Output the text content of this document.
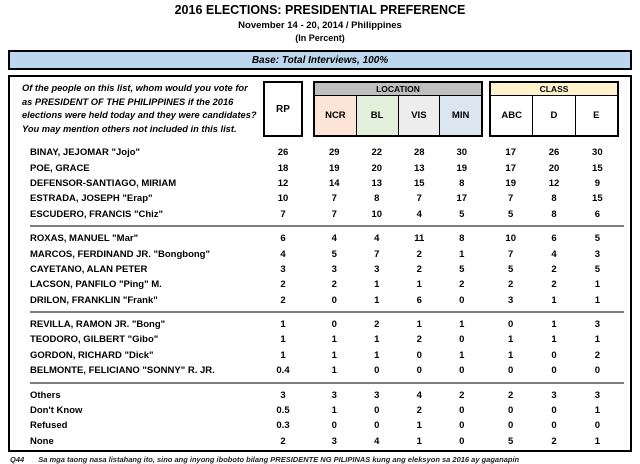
2016 ELECTIONS: PRESIDENTIAL PREFERENCE
November 14 - 20, 2014 / Philippines
(In Percent)
Base: Total Interviews, 100%
Of the people on this list, whom would you vote for
as PRESIDENT OF THE PHILIPPINES if the 2016
elections were held today and they were candidates?
You may mention others not included in this list.
RP
LOCATION
NCR	BL	VIS	MIN
CLASS
ABC	D	E
BINAY, JEJOMAR "Jojo"	26	29	22	28	30	17	26	30
POE, GRACE	18	19	20	13	19	17	20	15
DEFENSOR-SANTIAGO, MIRIAM	12	14	13	15	8	19	12	9
ESTRADA, JOSEPH "Erap"	10	7	8	7	17	7	8	15
ESCUDERO, FRANCIS "Chiz"	7	7	10	4	5	5	8	6
ROXAS, MANUEL "Mar"	6	4	4	11	8	10	6	5
MARCOS, FERDINAND JR. "Bongbong"	4	5	7	2	1	7	4	3
CAYETANO, ALAN PETER	3	3	3	2	5	5	2	5
LACSON, PANFILO "Ping" M.	2	2	1	1	2	2	2	1
DRILON, FRANKLIN "Frank"	2	0	1	6	0	3	1	1
REVILLA, RAMON JR. "Bong"	1	0	2	1	1	0	1	3
TEODORO, GILBERT "Gibo"	1	1	1	2	0	1	1	1
GORDON, RICHARD "Dick"	1	1	1	0	1	1	0	2
BELMONTE, FELICIANO "SONNY" R. JR.	0.4	1	0	0	0	0	0	0
Others	3	3	3	4	2	2	3	3
Don't Know	0.5	1	0	2	0	0	0	1
Refused	0.3	0	0	1	0	0	0	0
None	2	3	4	1	0	5	2	1
Q44 Sa mga taong nasa listahang ito, sino ang inyong iboboto bilang PRESIDENTE NG PILIPINAS kung ang eleksyon sa 2016 ay gaganapin
